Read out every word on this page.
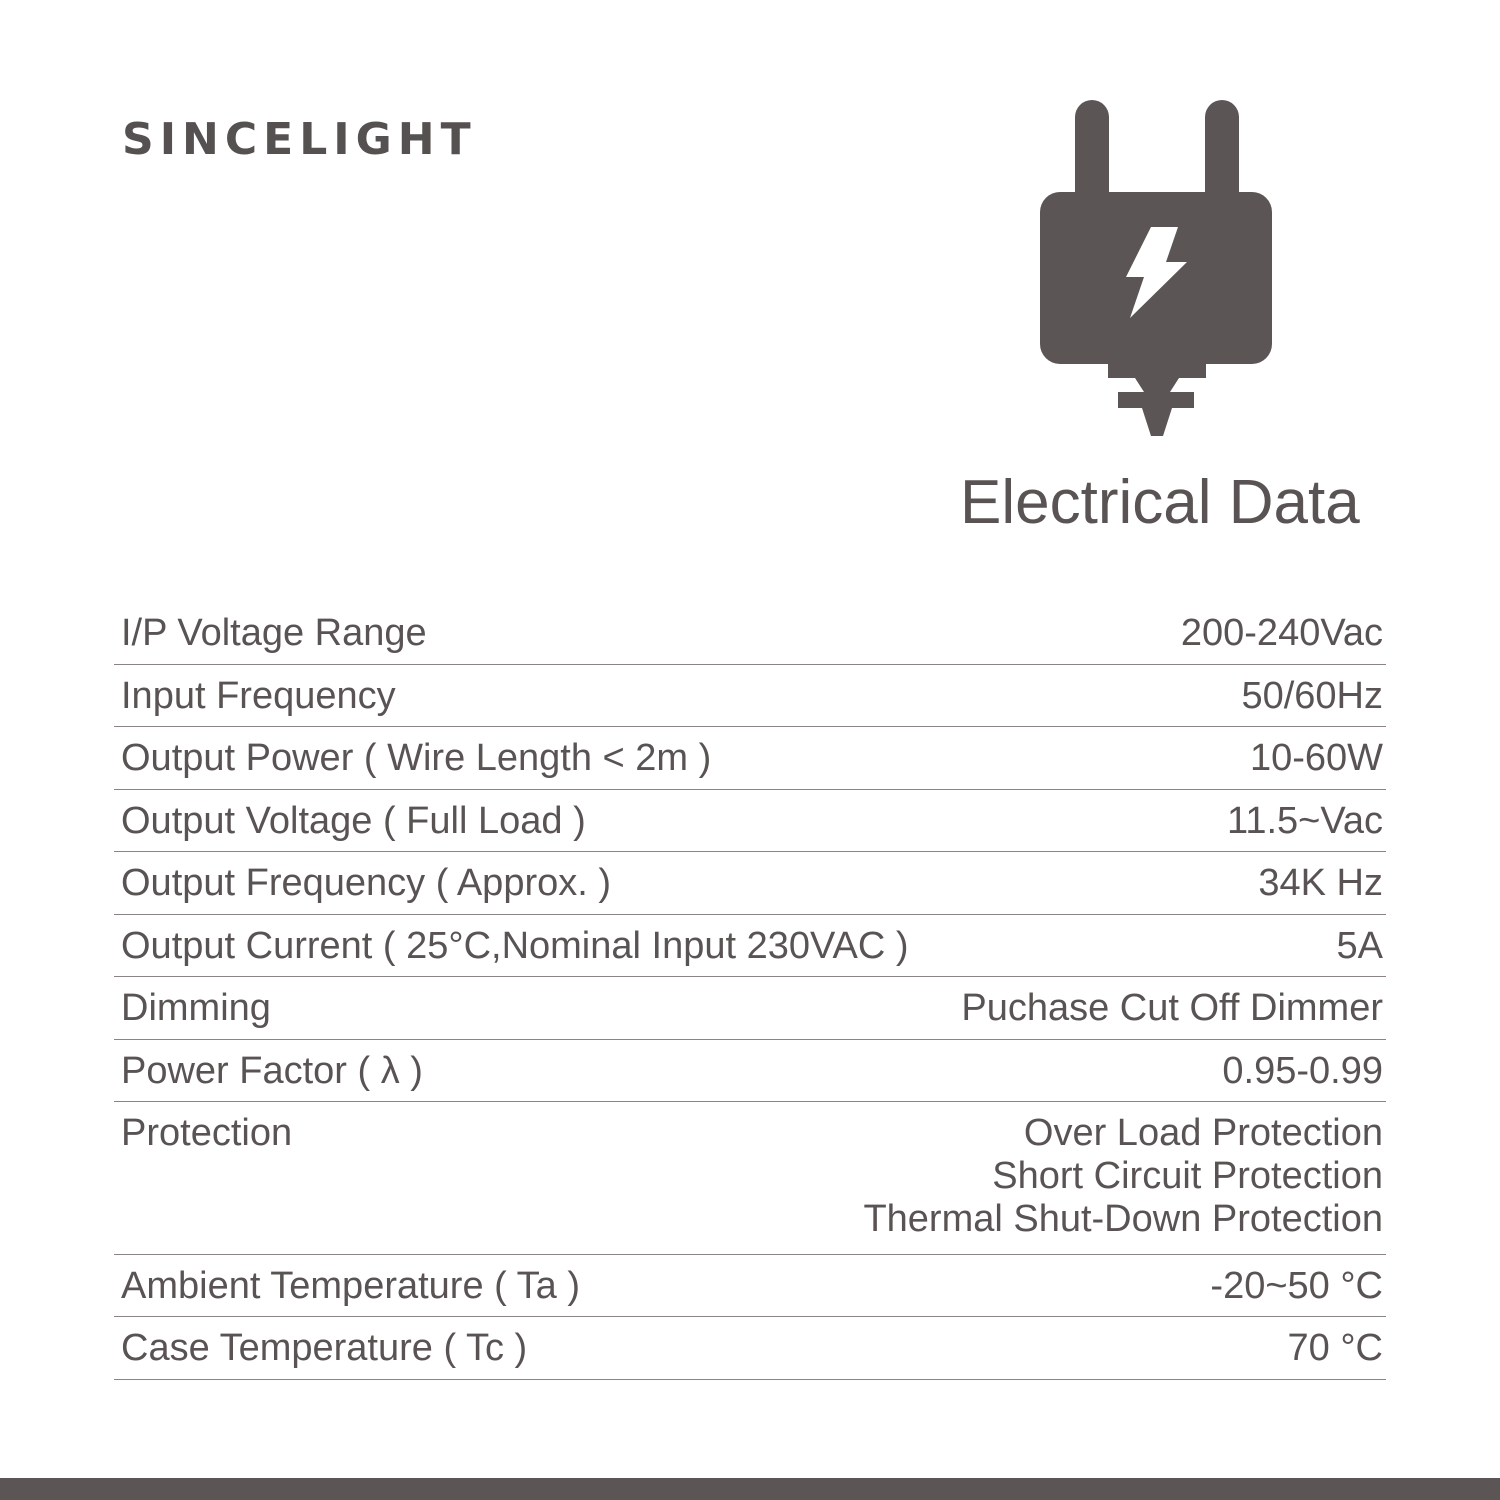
SINCELIGHT
Electrical Data
I/P Voltage Range	200-240Vac
Input Frequency	50/60Hz
Output Power ( Wire Length < 2m )	10-60W
Output Voltage ( Full Load )	11.5~Vac
Output Frequency ( Approx. )	34K Hz
Output Current ( 25°C,Nominal Input 230VAC )	5A
Dimming	Puchase Cut Off Dimmer
Power Factor ( λ )	0.95-0.99
Protection	Over Load Protection
Short Circuit Protection
Thermal Shut-Down Protection
Ambient Temperature ( Ta )	-20~50 °C
Case Temperature ( Tc )	70 °C
